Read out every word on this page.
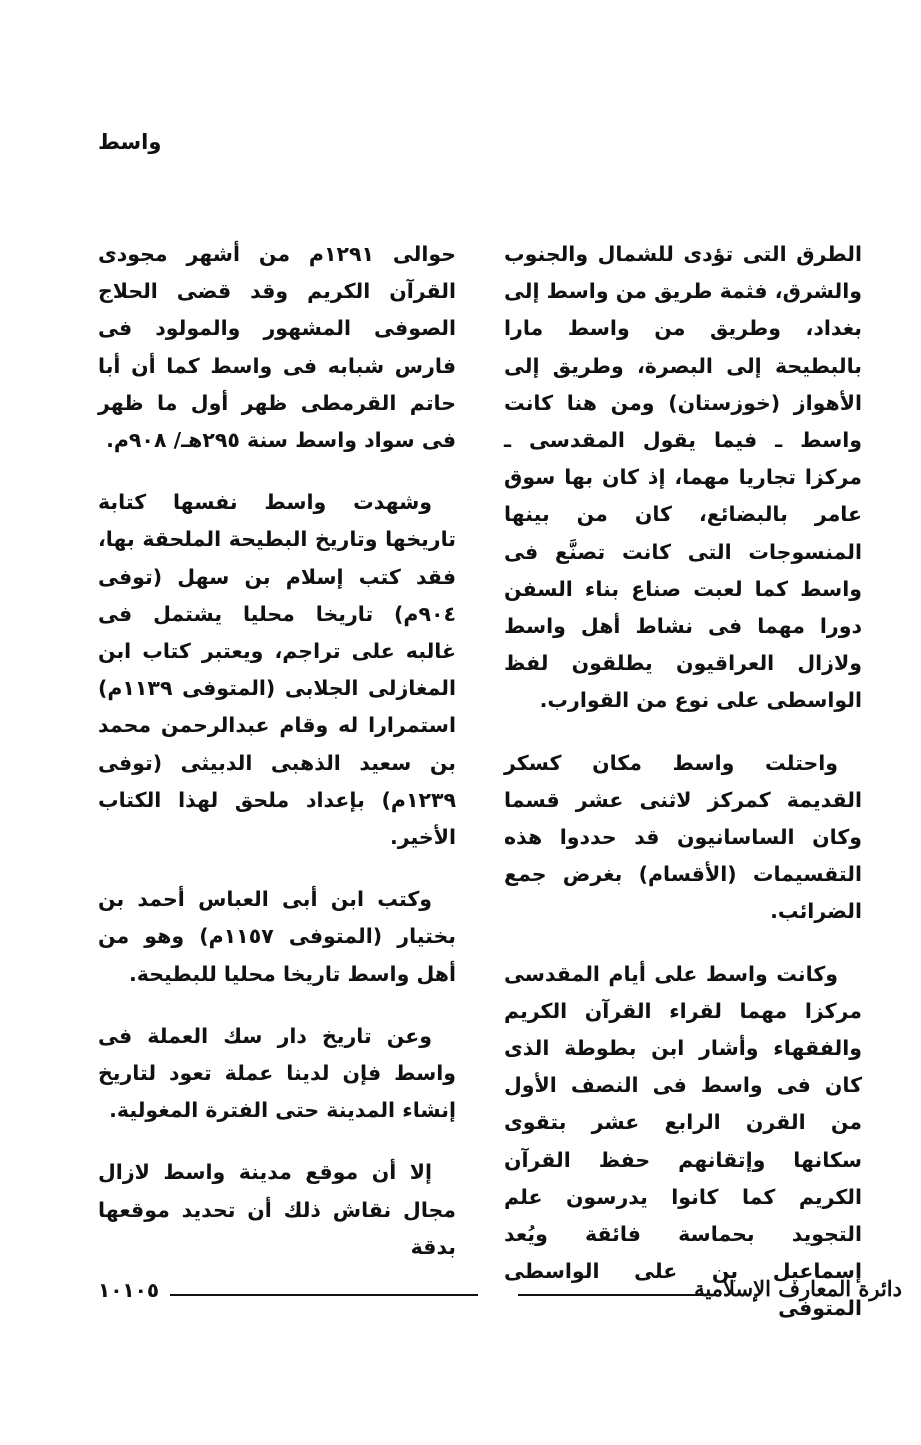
واسط

الطرق التى تؤدى للشمال والجنوب والشرق، فثمة طريق من واسط إلى بغداد، وطريق من واسط مارا بالبطيحة إلى البصرة، وطريق إلى الأهواز (خوزستان) ومن هنا كانت واسط ـ فيما يقول المقدسى ـ مركزا تجاريا مهما، إذ كان بها سوق عامر بالبضائع، كان من بينها المنسوجات التى كانت تصنَّع فى واسط كما لعبت صناع بناء السفن دورا مهما فى نشاط أهل واسط ولازال العراقيون يطلقون لفظ الواسطى على نوع من القوارب.

واحتلت واسط مكان كسكر القديمة كمركز لاثنى عشر قسما وكان الساسانيون قد حددوا هذه التقسيمات (الأقسام) بغرض جمع الضرائب.

وكانت واسط على أيام المقدسى مركزا مهما لقراء القرآن الكريم والفقهاء وأشار ابن بطوطة الذى كان فى واسط فى النصف الأول من القرن الرابع عشر بتقوى سكانها وإتقانهم حفظ القرآن الكريم كما كانوا يدرسون علم التجويد بحماسة فائقة ويُعد إسماعيل بن على الواسطى المتوفى

حوالى ١٢٩١م من أشهر مجودى القرآن الكريم وقد قضى الحلاج الصوفى المشهور والمولود فى فارس شبابه فى واسط كما أن أبا حاتم القرمطى ظهر أول ما ظهر فى سواد واسط سنة ٢٩٥هـ/ ٩٠٨م.

وشهدت واسط نفسها كتابة تاريخها وتاريخ البطيحة الملحقة بها، فقد كتب إسلام بن سهل (توفى ٩٠٤م) تاريخا محليا يشتمل فى غالبه على تراجم، ويعتبر كتاب ابن المغازلى الجلابى (المتوفى ١١٣٩م) استمرارا له وقام عبدالرحمن محمد بن سعيد الذهبى الدبيثى (توفى ١٢٣٩م) بإعداد ملحق لهذا الكتاب الأخير.

وكتب ابن أبى العباس أحمد بن بختيار (المتوفى ١١٥٧م) وهو من أهل واسط تاريخا محليا للبطيحة.

وعن تاريخ دار سك العملة فى واسط فإن لدينا عملة تعود لتاريخ إنشاء المدينة حتى الفترة المغولية.

إلا أن موقع مدينة واسط لازال مجال نقاش ذلك أن تحديد موقعها بدقة

١٠١٠٥	دائرة المعارف الإسلامية
